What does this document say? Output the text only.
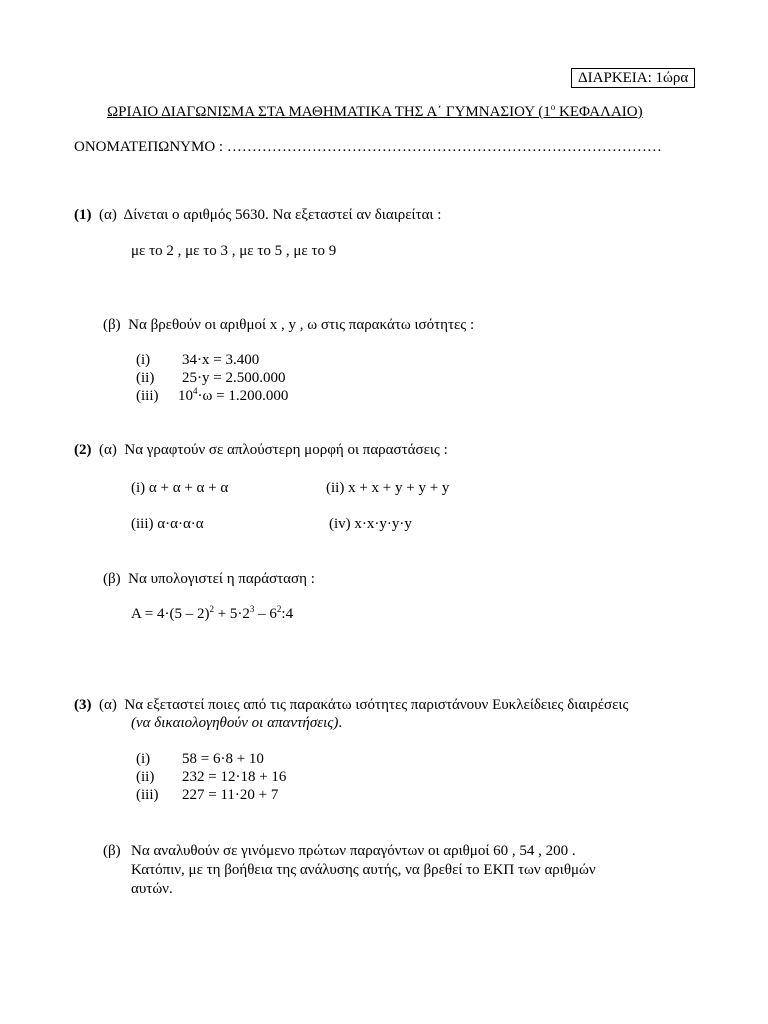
ΔΙΑΡΚΕΙΑ: 1ώρα
ΩΡΙΑΙΟ ΔΙΑΓΩΝΙΣΜΑ ΣΤΑ ΜΑΘΗΜΑΤΙΚΑ ΤΗΣ Α΄ ΓΥΜΝΑΣΙΟΥ ($1^o$ ΚΕΦΑΛΑΙΟ)
ΟΝΟΜΑΤΕΠΩΝΥΜΟ : ……………………………………………………………………………
(1) (α) Δίνεται ο αριθμός 5630. Να εξεταστεί αν διαιρείται :
με το 2 , με το 3 , με το 5 , με το 9
(β) Να βρεθούν οι αριθμοί x , y , ω στις παρακάτω ισότητες :
(i) 34·x = 3.400
(ii) 25·y = 2.500.000
(iii) $10^4\cdot\omega = 1.200.000$
(2) (α) Να γραφτούν σε απλούστερη μορφή οι παραστάσεις :
(i) α + α + α + α	(ii) x + x + y + y + y
(iii) α·α·α·α	(iv) x·x·y·y·y
(β) Να υπολογιστεί η παράσταση :
$A = 4\cdot(5 - 2)^2 + 5\cdot 2^3$ – $6^2:4$
(3) (α) Να εξεταστεί ποιες από τις παρακάτω ισότητες παριστάνουν Ευκλείδειες διαιρέσεις
(να δικαιολογηθούν οι απαντήσεις).
(i) 58 = 6·8 + 10
(ii) 232 = 12·18 + 16
(iii) 227 = 11·20 + 7
(β) Να αναλυθούν σε γινόμενο πρώτων παραγόντων οι αριθμοί 60 , 54 , 200 .
Κατόπιν, με τη βοήθεια της ανάλυσης αυτής, να βρεθεί το ΕΚΠ των αριθμών
αυτών.
